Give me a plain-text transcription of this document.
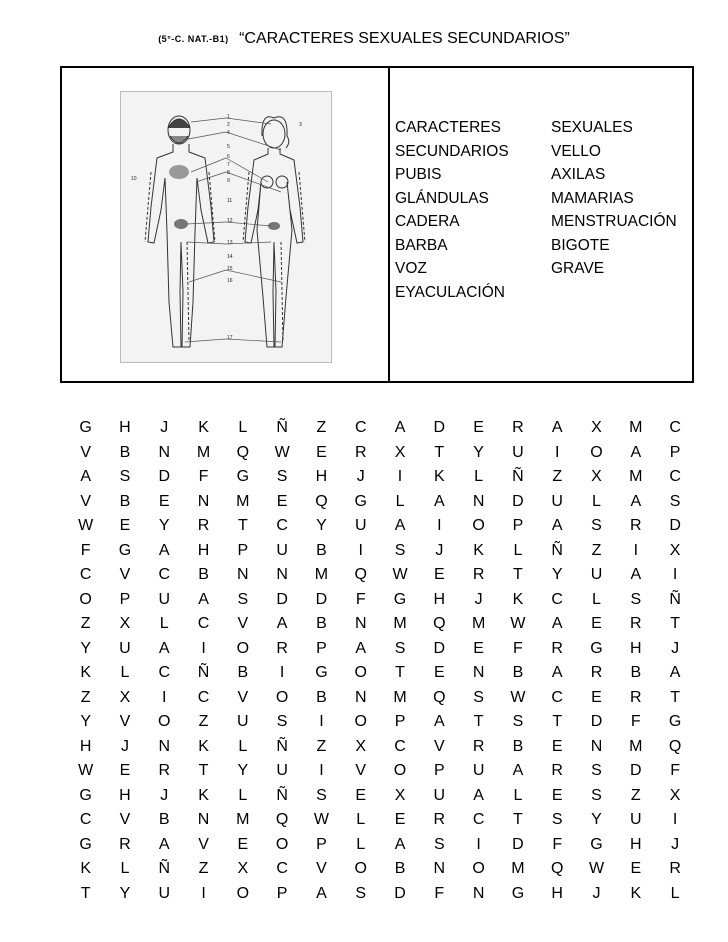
(5°-C. NAT.-B1) “CARACTERES SEXUALES SECUNDARIOS”
1
2	3
4
5
6
7
8
9
10
11
12
13
14
15
16
17
CARACTERES	SEXUALES
SECUNDARIOS	VELLO
PUBIS	AXILAS
GLÁNDULAS	MAMARIAS
CADERA	MENSTRUACIÓN
BARBA	BIGOTE
VOZ	GRAVE
EYACULACIÓN
G	H	J	K	L	Ñ	Z	C	A	D	E	R	A	X	M	C
V	B	N	M	Q	W	E	R	X	T	Y	U	I	O	A	P
A	S	D	F	G	S	H	J	I	K	L	Ñ	Z	X	M	C
V	B	E	N	M	E	Q	G	L	A	N	D	U	L	A	S
W	E	Y	R	T	C	Y	U	A	I	O	P	A	S	R	D
F	G	A	H	P	U	B	I	S	J	K	L	Ñ	Z	I	X
C	V	C	B	N	N	M	Q	W	E	R	T	Y	U	A	I
O	P	U	A	S	D	D	F	G	H	J	K	C	L	S	Ñ
Z	X	L	C	V	A	B	N	M	Q	M	W	A	E	R	T
Y	U	A	I	O	R	P	A	S	D	E	F	R	G	H	J
K	L	C	Ñ	B	I	G	O	T	E	N	B	A	R	B	A
Z	X	I	C	V	O	B	N	M	Q	S	W	C	E	R	T
Y	V	O	Z	U	S	I	O	P	A	T	S	T	D	F	G
H	J	N	K	L	Ñ	Z	X	C	V	R	B	E	N	M	Q
W	E	R	T	Y	U	I	V	O	P	U	A	R	S	D	F
G	H	J	K	L	Ñ	S	E	X	U	A	L	E	S	Z	X
C	V	B	N	M	Q	W	L	E	R	C	T	S	Y	U	I
G	R	A	V	E	O	P	L	A	S	I	D	F	G	H	J
K	L	Ñ	Z	X	C	V	O	B	N	O	M	Q	W	E	R
T	Y	U	I	O	P	A	S	D	F	N	G	H	J	K	L
